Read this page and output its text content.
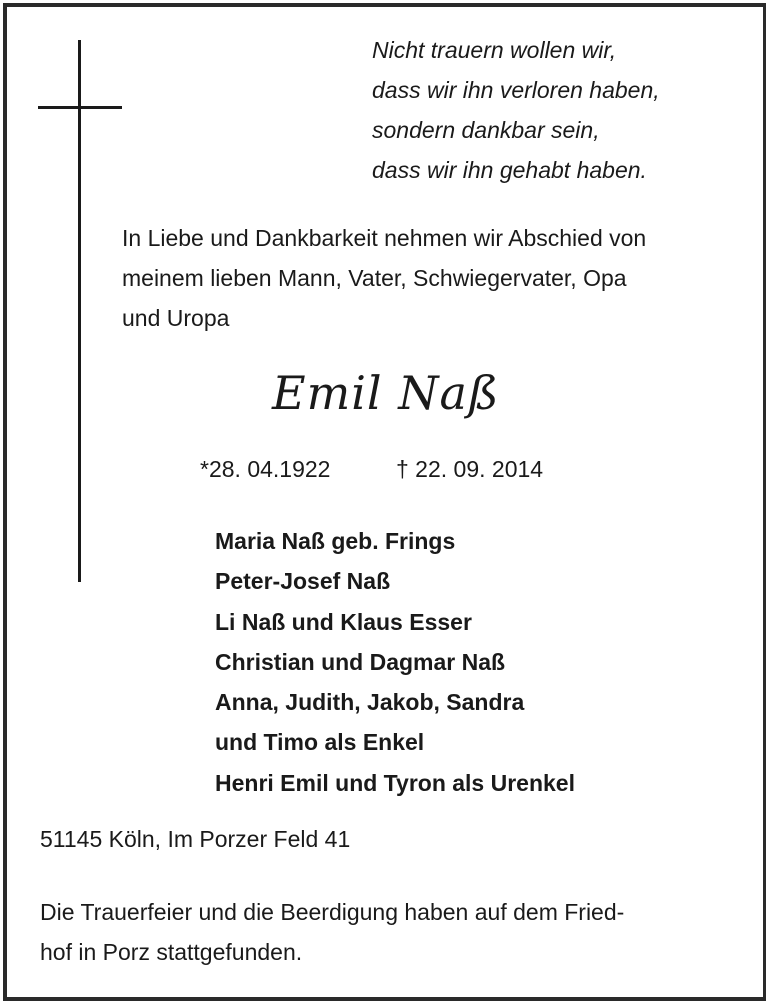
Nicht trauern wollen wir,
dass wir ihn verloren haben,
sondern dankbar sein,
dass wir ihn gehabt haben.
In Liebe und Dankbarkeit nehmen wir Abschied von
meinem lieben Mann, Vater, Schwiegervater, Opa
und Uropa
Emil Naß
*28. 04.1922	† 22. 09. 2014
Maria Naß geb. Frings
Peter-Josef Naß
Li Naß und Klaus Esser
Christian und Dagmar Naß
Anna, Judith, Jakob, Sandra
und Timo als Enkel
Henri Emil und Tyron als Urenkel
51145 Köln, Im Porzer Feld 41
Die Trauerfeier und die Beerdigung haben auf dem Fried-
hof in Porz stattgefunden.
